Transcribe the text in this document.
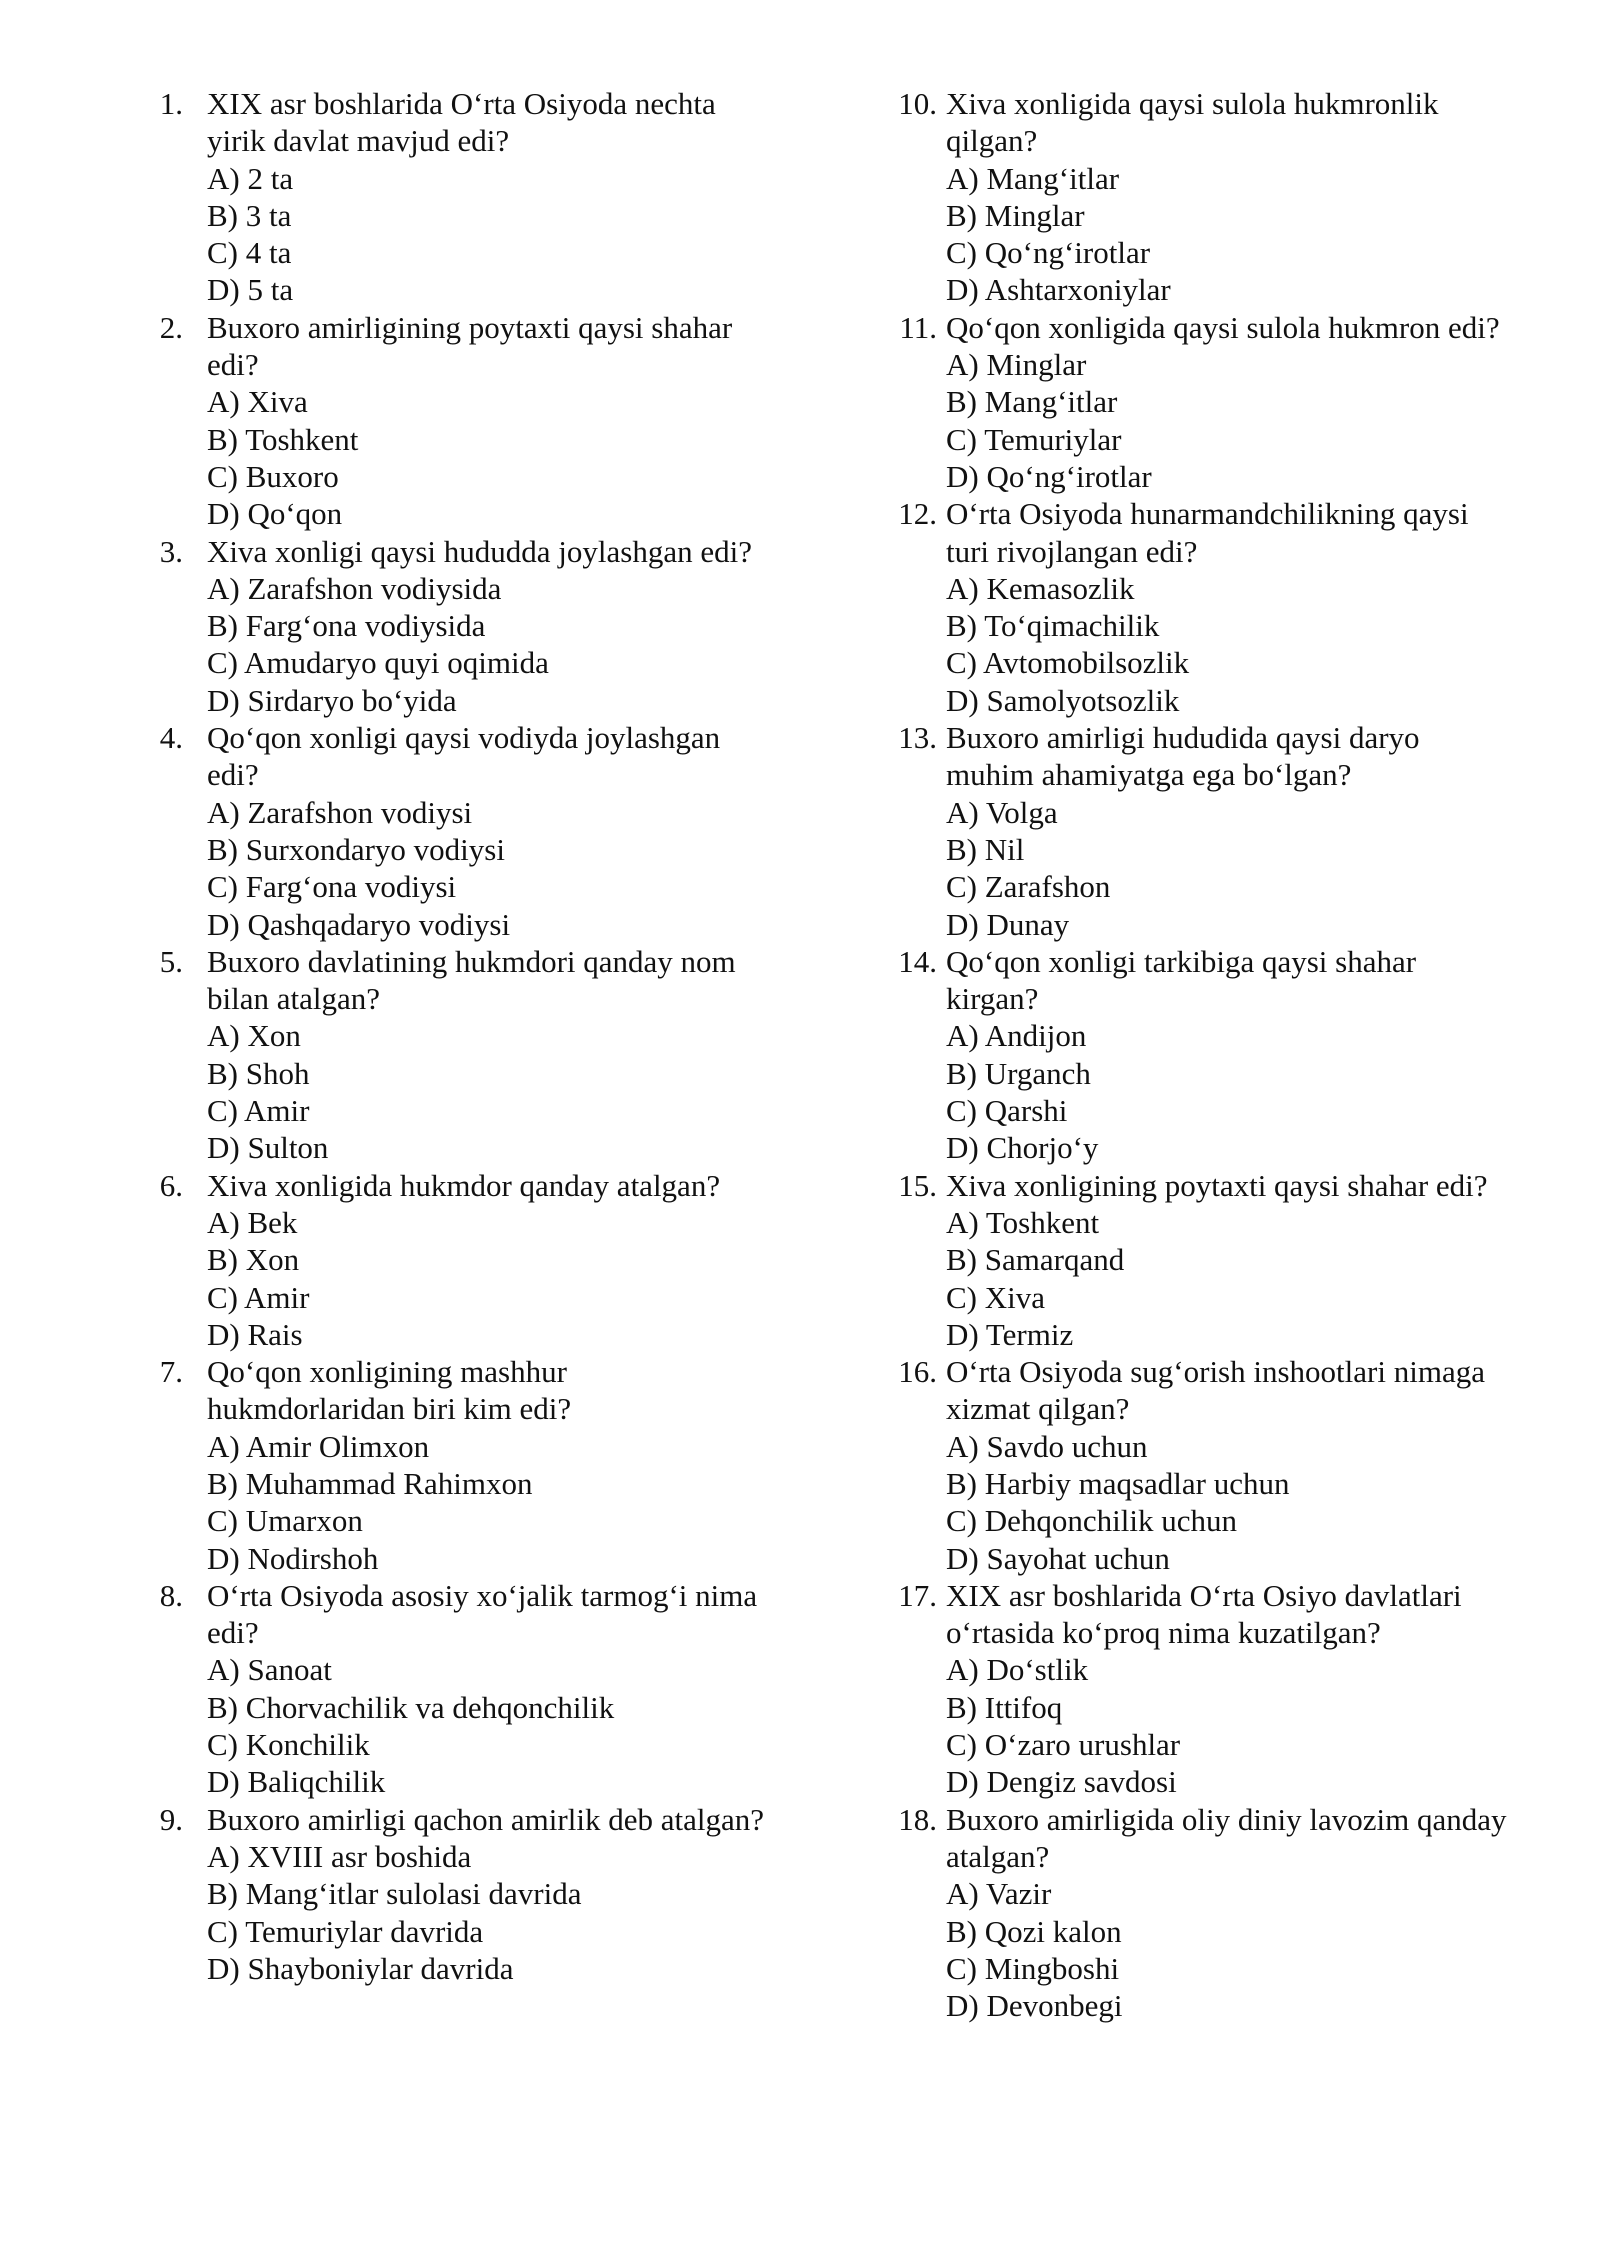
1. XIX asr boshlarida O‘rta Osiyoda nechta yirik davlat mavjud edi?
A) 2 ta
B) 3 ta
C) 4 ta
D) 5 ta
2. Buxoro amirligining poytaxti qaysi shahar edi?
A) Xiva
B) Toshkent
C) Buxoro
D) Qo‘qon
3. Xiva xonligi qaysi hududda joylashgan edi?
A) Zarafshon vodiysida
B) Farg‘ona vodiysida
C) Amudaryo quyi oqimida
D) Sirdaryo bo‘yida
4. Qo‘qon xonligi qaysi vodiyda joylashgan edi?
A) Zarafshon vodiysi
B) Surxondaryo vodiysi
C) Farg‘ona vodiysi
D) Qashqadaryo vodiysi
5. Buxoro davlatining hukmdori qanday nom bilan atalgan?
A) Xon
B) Shoh
C) Amir
D) Sulton
6. Xiva xonligida hukmdor qanday atalgan?
A) Bek
B) Xon
C) Amir
D) Rais
7. Qo‘qon xonligining mashhur hukmdorlaridan biri kim edi?
A) Amir Olimxon
B) Muhammad Rahimxon
C) Umarxon
D) Nodirshoh
8. O‘rta Osiyoda asosiy xo‘jalik tarmog‘i nima edi?
A) Sanoat
B) Chorvachilik va dehqonchilik
C) Konchilik
D) Baliqchilik
9. Buxoro amirligi qachon amirlik deb atalgan?
A) XVIII asr boshida
B) Mang‘itlar sulolasi davrida
C) Temuriylar davrida
D) Shayboniylar davrida
10. Xiva xonligida qaysi sulola hukmronlik qilgan?
A) Mang‘itlar
B) Minglar
C) Qo‘ng‘irotlar
D) Ashtarxoniylar
11. Qo‘qon xonligida qaysi sulola hukmron edi?
A) Minglar
B) Mang‘itlar
C) Temuriylar
D) Qo‘ng‘irotlar
12. O‘rta Osiyoda hunarmandchilikning qaysi turi rivojlangan edi?
A) Kemasozlik
B) To‘qimachilik
C) Avtomobilsozlik
D) Samolyotsozlik
13. Buxoro amirligi hududida qaysi daryo muhim ahamiyatga ega bo‘lgan?
A) Volga
B) Nil
C) Zarafshon
D) Dunay
14. Qo‘qon xonligi tarkibiga qaysi shahar kirgan?
A) Andijon
B) Urganch
C) Qarshi
D) Chorjo‘y
15. Xiva xonligining poytaxti qaysi shahar edi?
A) Toshkent
B) Samarqand
C) Xiva
D) Termiz
16. O‘rta Osiyoda sug‘orish inshootlari nimaga xizmat qilgan?
A) Savdo uchun
B) Harbiy maqsadlar uchun
C) Dehqonchilik uchun
D) Sayohat uchun
17. XIX asr boshlarida O‘rta Osiyo davlatlari o‘rtasida ko‘proq nima kuzatilgan?
A) Do‘stlik
B) Ittifoq
C) O‘zaro urushlar
D) Dengiz savdosi
18. Buxoro amirligida oliy diniy lavozim qanday atalgan?
A) Vazir
B) Qozi kalon
C) Mingboshi
D) Devonbegi
